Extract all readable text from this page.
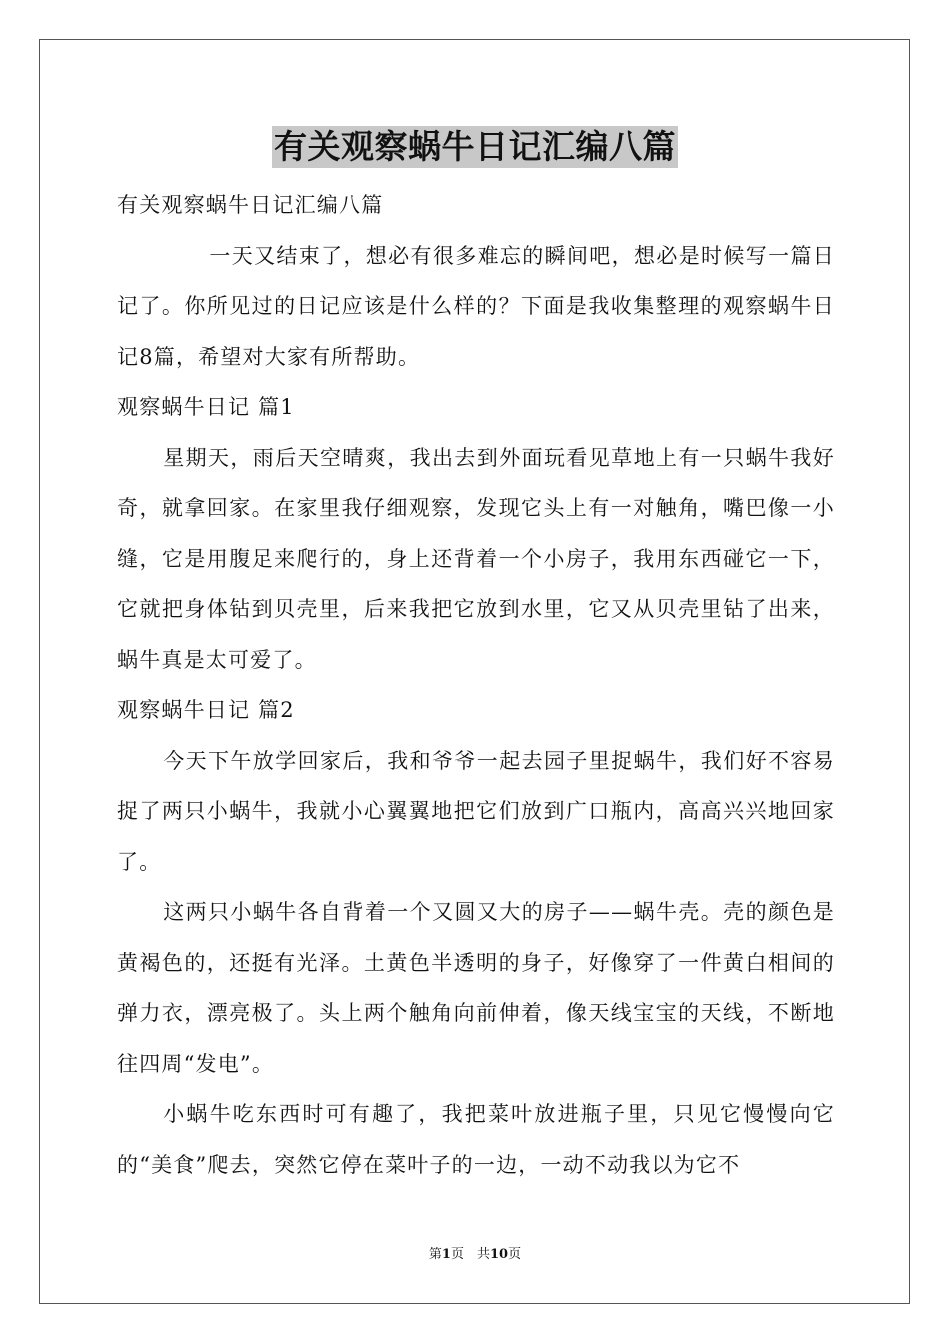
有关观察蜗牛日记汇编八篇

有关观察蜗牛日记汇编八篇

一天又结束了，想必有很多难忘的瞬间吧，想必是时候写一篇日记了。你所见过的日记应该是什么样的？下面是我收集整理的观察蜗牛日记8篇，希望对大家有所帮助。

观察蜗牛日记 篇1

星期天，雨后天空晴爽，我出去到外面玩看见草地上有一只蜗牛我好奇，就拿回家。在家里我仔细观察，发现它头上有一对触角，嘴巴像一小缝，它是用腹足来爬行的，身上还背着一个小房子，我用东西碰它一下，它就把身体钻到贝壳里，后来我把它放到水里，它又从贝壳里钻了出来，蜗牛真是太可爱了。

观察蜗牛日记 篇2

今天下午放学回家后，我和爷爷一起去园子里捉蜗牛，我们好不容易捉了两只小蜗牛，我就小心翼翼地把它们放到广口瓶内，高高兴兴地回家了。

这两只小蜗牛各自背着一个又圆又大的房子——蜗牛壳。壳的颜色是黄褐色的，还挺有光泽。土黄色半透明的身子，好像穿了一件黄白相间的弹力衣，漂亮极了。头上两个触角向前伸着，像天线宝宝的天线，不断地往四周“发电”。

小蜗牛吃东西时可有趣了，我把菜叶放进瓶子里，只见它慢慢向它的“美食”爬去，突然它停在菜叶子的一边，一动不动我以为它不

第1页　共10页
